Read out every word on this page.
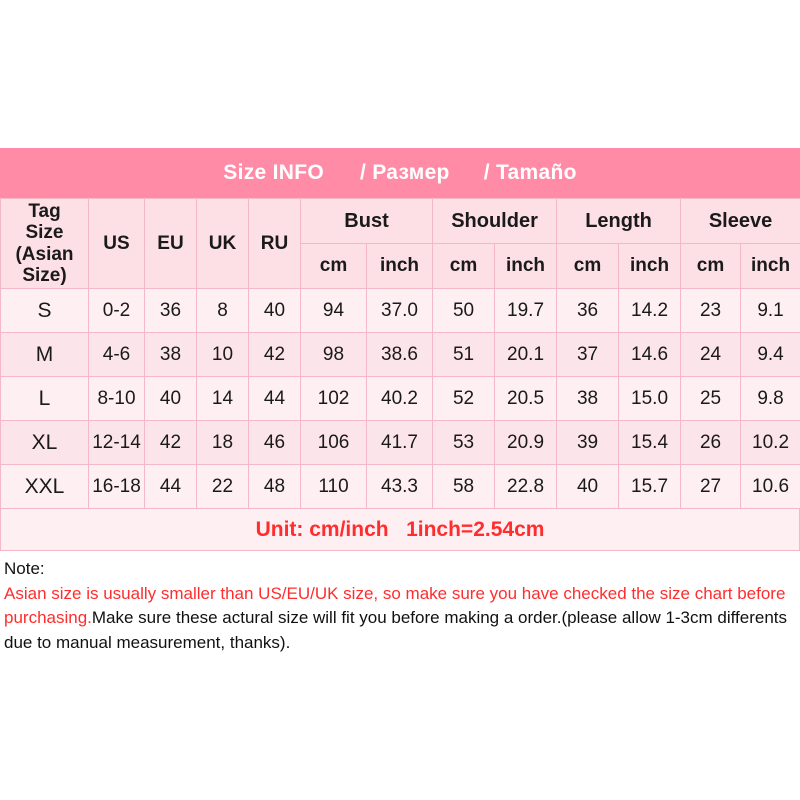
Size INFO	/ Размер	/ Tamaño
Tag
Size
(Asian
Size)	US	EU	UK	RU	Bust		Shoulder		Length		Sleeve	
					cm	inch	cm	inch	cm	inch	cm	inch
S	0-2	36	8	40	94	37.0	50	19.7	36	14.2	23	9.1
M	4-6	38	10	42	98	38.6	51	20.1	37	14.6	24	9.4
L	8-10	40	14	44	102	40.2	52	20.5	38	15.0	25	9.8
XL	12-14	42	18	46	106	41.7	53	20.9	39	15.4	26	10.2
XXL	16-18	44	22	48	110	43.3	58	22.8	40	15.7	27	10.6
Unit: cm/inch   1inch=2.54cm
Note:
Asian size is usually smaller than US/EU/UK size, so make sure you have checked the size chart before purchasing.Make sure these actural size will fit you before making a order.(please allow 1-3cm differents due to manual measurement, thanks).
